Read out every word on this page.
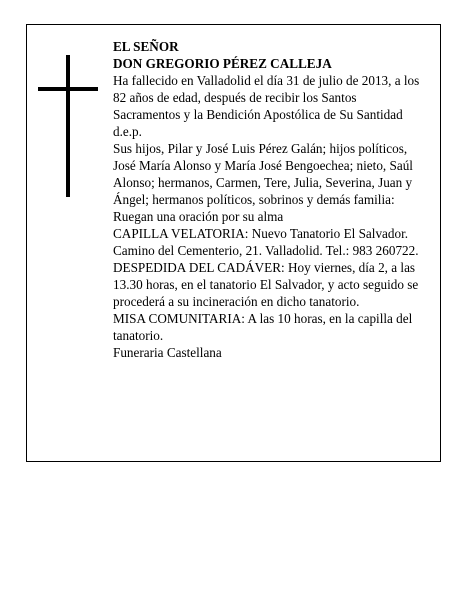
EL SEÑOR

DON GREGORIO PÉREZ CALLEJA

Ha fallecido en Valladolid el día 31 de julio de 2013, a los 82 años de edad, después de recibir los Santos Sacramentos y la Bendición Apostólica de Su Santidad d.e.p.

Sus hijos, Pilar y José Luis Pérez Galán; hijos políticos, José María Alonso y María José Bengoechea; nieto, Saúl Alonso; hermanos, Carmen, Tere, Julia, Severina, Juan y Ángel; hermanos políticos, sobrinos y demás familia:

Ruegan una oración por su alma

CAPILLA VELATORIA: Nuevo Tanatorio El Salvador. Camino del Cementerio, 21. Valladolid. Tel.: 983 260722.

DESPEDIDA DEL CADÁVER: Hoy viernes, día 2, a las 13.30 horas, en el tanatorio El Salvador, y acto seguido se procederá a su incineración en dicho tanatorio.

MISA COMUNITARIA: A las 10 horas, en la capilla del tanatorio.

Funeraria Castellana
